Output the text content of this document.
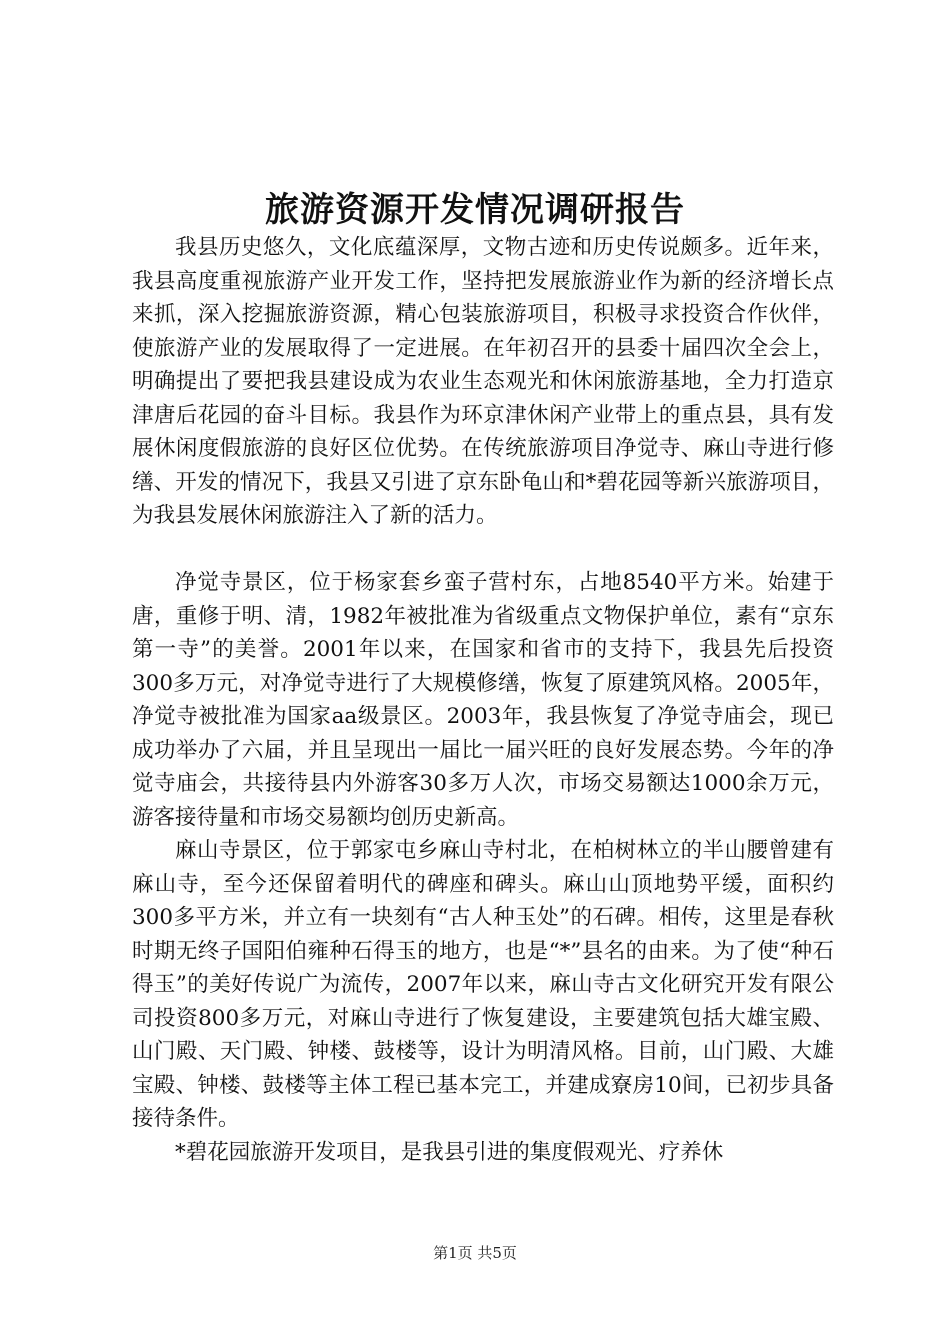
旅游资源开发情况调研报告

我县历史悠久，文化底蕴深厚，文物古迹和历史传说颇多。近年来，我县高度重视旅游产业开发工作，坚持把发展旅游业作为新的经济增长点来抓，深入挖掘旅游资源，精心包装旅游项目，积极寻求投资合作伙伴，使旅游产业的发展取得了一定进展。在年初召开的县委十届四次全会上，明确提出了要把我县建设成为农业生态观光和休闲旅游基地，全力打造京津唐后花园的奋斗目标。我县作为环京津休闲产业带上的重点县，具有发展休闲度假旅游的良好区位优势。在传统旅游项目净觉寺、麻山寺进行修缮、开发的情况下，我县又引进了京东卧龟山和*碧花园等新兴旅游项目，为我县发展休闲旅游注入了新的活力。

净觉寺景区，位于杨家套乡蛮子营村东，占地8540平方米。始建于唐，重修于明、清，1982年被批准为省级重点文物保护单位，素有“京东第一寺”的美誉。2001年以来，在国家和省市的支持下，我县先后投资300多万元，对净觉寺进行了大规模修缮，恢复了原建筑风格。2005年，净觉寺被批准为国家aa级景区。2003年，我县恢复了净觉寺庙会，现已成功举办了六届，并且呈现出一届比一届兴旺的良好发展态势。今年的净觉寺庙会，共接待县内外游客30多万人次，市场交易额达1000余万元，游客接待量和市场交易额均创历史新高。

麻山寺景区，位于郭家屯乡麻山寺村北，在柏树林立的半山腰曾建有麻山寺，至今还保留着明代的碑座和碑头。麻山山顶地势平缓，面积约300多平方米，并立有一块刻有“古人种玉处”的石碑。相传，这里是春秋时期无终子国阳伯雍种石得玉的地方，也是“*”县名的由来。为了使“种石得玉”的美好传说广为流传，2007年以来，麻山寺古文化研究开发有限公司投资800多万元，对麻山寺进行了恢复建设，主要建筑包括大雄宝殿、山门殿、天门殿、钟楼、鼓楼等，设计为明清风格。目前，山门殿、大雄宝殿、钟楼、鼓楼等主体工程已基本完工，并建成寮房10间，已初步具备接待条件。

*碧花园旅游开发项目，是我县引进的集度假观光、疗养休

第1页 共5页
